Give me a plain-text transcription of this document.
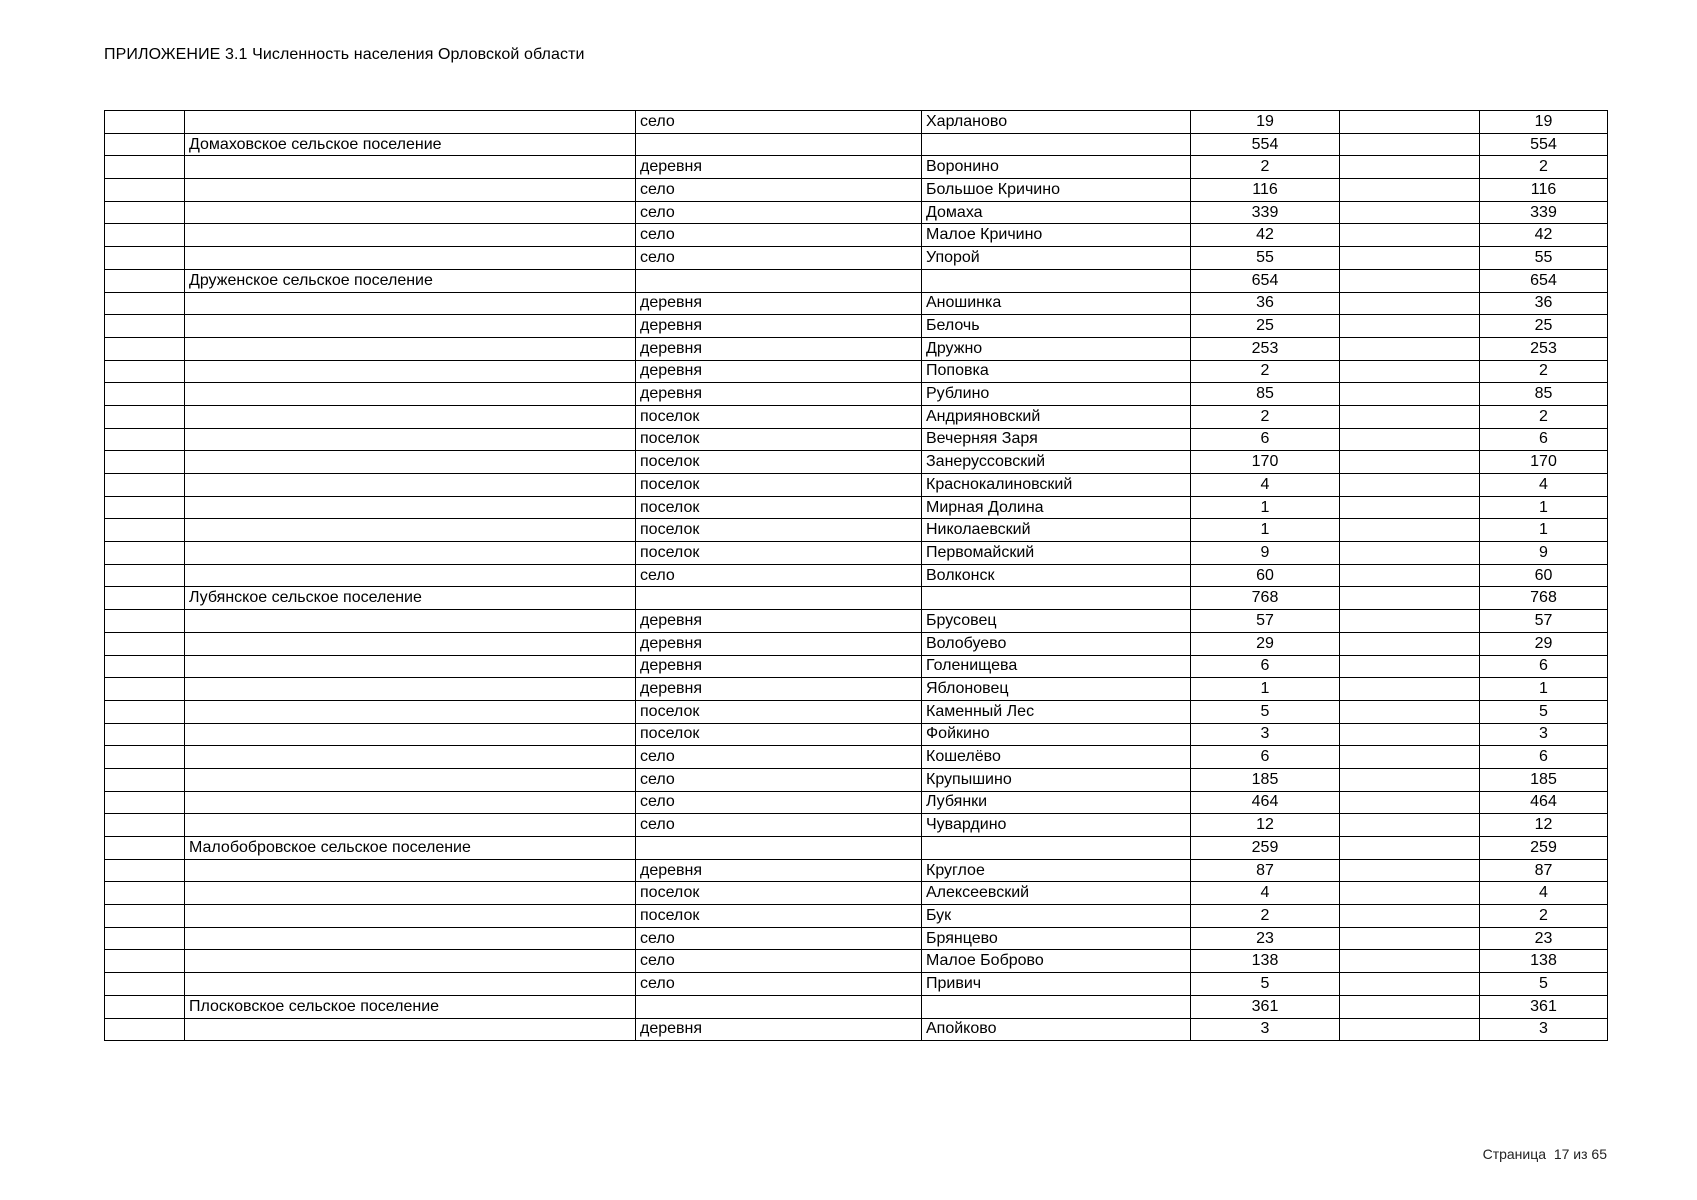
ПРИЛОЖЕНИЕ 3.1 Численность населения Орловской области
		село	Харланово	19		19
	Домаховское сельское поселение			554		554
		деревня	Воронино	2		2
		село	Большое Кричино	116		116
		село	Домаха	339		339
		село	Малое Кричино	42		42
		село	Упорой	55		55
	Друженское сельское поселение			654		654
		деревня	Аношинка	36		36
		деревня	Белочь	25		25
		деревня	Дружно	253		253
		деревня	Поповка	2		2
		деревня	Рублино	85		85
		поселок	Андрияновский	2		2
		поселок	Вечерняя Заря	6		6
		поселок	Занеруссовский	170		170
		поселок	Краснокалиновский	4		4
		поселок	Мирная Долина	1		1
		поселок	Николаевский	1		1
		поселок	Первомайский	9		9
		село	Волконск	60		60
	Лубянское сельское поселение			768		768
		деревня	Брусовец	57		57
		деревня	Волобуево	29		29
		деревня	Голенищева	6		6
		деревня	Яблоновец	1		1
		поселок	Каменный Лес	5		5
		поселок	Фойкино	3		3
		село	Кошелёво	6		6
		село	Крупышино	185		185
		село	Лубянки	464		464
		село	Чувардино	12		12
	Малобобровское сельское поселение			259		259
		деревня	Круглое	87		87
		поселок	Алексеевский	4		4
		поселок	Бук	2		2
		село	Брянцево	23		23
		село	Малое Боброво	138		138
		село	Привич	5		5
	Плосковское сельское поселение			361		361
		деревня	Апойково	3		3
Страница 17 из 65
